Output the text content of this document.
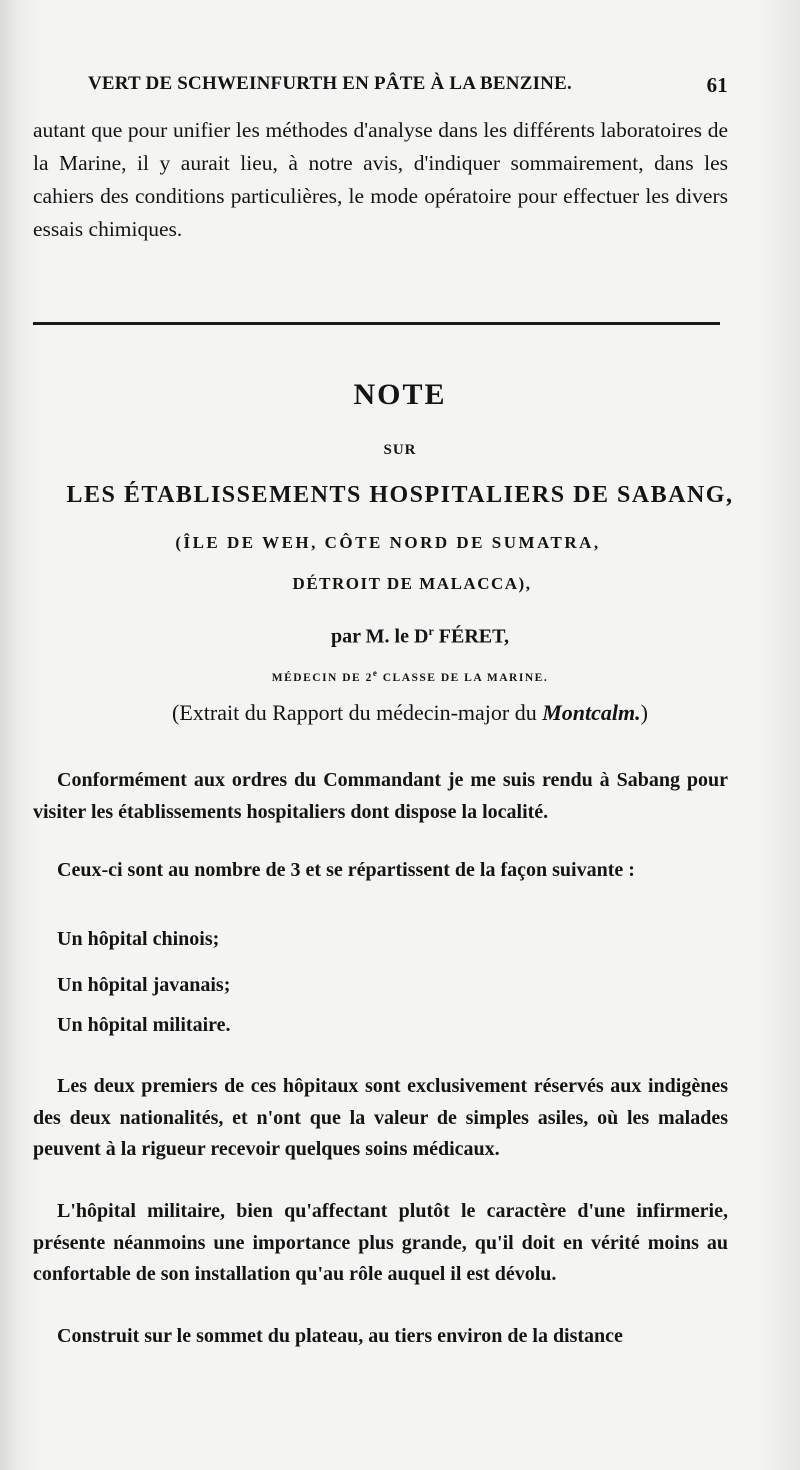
VERT DE SCHWEINFURTH EN PÂTE À LA BENZINE.	61

autant que pour unifier les méthodes d'analyse dans les différents laboratoires de la Marine, il y aurait lieu, à notre avis, d'indiquer sommairement, dans les cahiers des conditions particulières, le mode opératoire pour effectuer les divers essais chimiques.

NOTE
SUR
LES ÉTABLISSEMENTS HOSPITALIERS DE SABANG,
(ÎLE DE WEH, CÔTE NORD DE SUMATRA,
DÉTROIT DE MALACCA),
par M. le $D^r$ FÉRET,
MÉDECIN DE 2e CLASSE DE LA MARINE.
(Extrait du Rapport du médecin-major du Montcalm.)

Conformément aux ordres du Commandant je me suis rendu à Sabang pour visiter les établissements hospitaliers dont dispose la localité.

Ceux-ci sont au nombre de 3 et se répartissent de la façon suivante :

Un hôpital chinois;
Un hôpital javanais;
Un hôpital militaire.

Les deux premiers de ces hôpitaux sont exclusivement réservés aux indigènes des deux nationalités, et n'ont que la valeur de simples asiles, où les malades peuvent à la rigueur recevoir quelques soins médicaux.

L'hôpital militaire, bien qu'affectant plutôt le caractère d'une infirmerie, présente néanmoins une importance plus grande, qu'il doit en vérité moins au confortable de son installation qu'au rôle auquel il est dévolu.

Construit sur le sommet du plateau, au tiers environ de la distance
